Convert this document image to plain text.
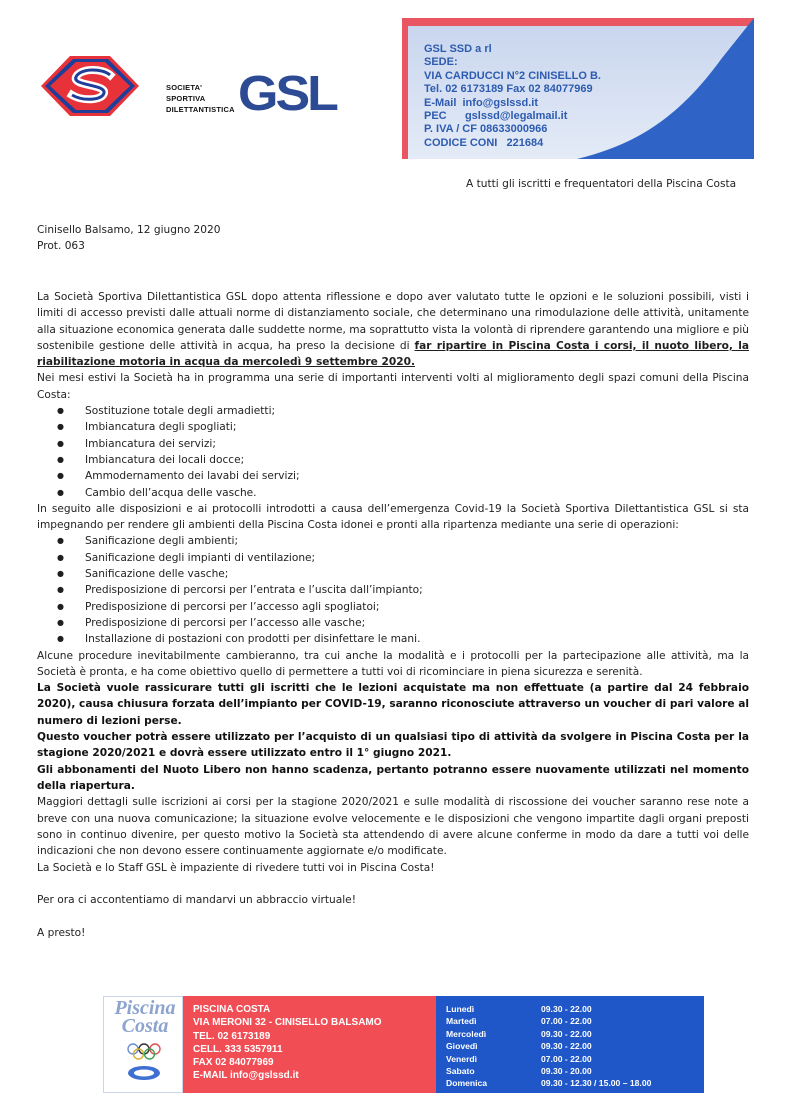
SOCIETA'
SPORTIVA
DILETTANTISTICA GSL
GSL SSD a rl
SEDE:
VIA CARDUCCI N°2 CINISELLO B.
Tel. 02 6173189 Fax 02 84077969
E-Mail  info@gslssd.it
PEC      gslssd@legalmail.it
P. IVA / CF 08633000966
CODICE CONI   221684
A tutti gli iscritti e frequentatori della Piscina Costa
Cinisello Balsamo, 12 giugno 2020
Prot. 063

La Società Sportiva Dilettantistica GSL dopo attenta riflessione e dopo aver valutato tutte le opzioni e le soluzioni possibili, visti i limiti di accesso previsti dalle attuali norme di distanziamento sociale, che determinano una rimodulazione delle attività, unitamente alla situazione economica generata dalle suddette norme, ma soprattutto vista la volontà di riprendere garantendo una migliore e più sostenibile gestione delle attività in acqua, ha preso la decisione di far ripartire in Piscina Costa i corsi, il nuoto libero, la riabilitazione motoria in acqua da mercoledì 9 settembre 2020.

Nei mesi estivi la Società ha in programma una serie di importanti interventi volti al miglioramento degli spazi comuni della Piscina Costa:

● Sostituzione totale degli armadietti;
● Imbiancatura degli spogliati;
● Imbiancatura dei servizi;
● Imbiancatura dei locali docce;
● Ammodernamento dei lavabi dei servizi;
● Cambio dell’acqua delle vasche.

In seguito alle disposizioni e ai protocolli introdotti a causa dell’emergenza Covid-19 la Società Sportiva Dilettantistica GSL si sta impegnando per rendere gli ambienti della Piscina Costa idonei e pronti alla ripartenza mediante una serie di operazioni:

● Sanificazione degli ambienti;
● Sanificazione degli impianti di ventilazione;
● Sanificazione delle vasche;
● Predisposizione di percorsi per l’entrata e l’uscita dall’impianto;
● Predisposizione di percorsi per l’accesso agli spogliatoi;
● Predisposizione di percorsi per l’accesso alle vasche;
● Installazione di postazioni con prodotti per disinfettare le mani.

Alcune procedure inevitabilmente cambieranno, tra cui anche la modalità e i protocolli per la partecipazione alle attività, ma la Società è pronta, e ha come obiettivo quello di permettere a tutti voi di ricominciare in piena sicurezza e serenità.

La Società vuole rassicurare tutti gli iscritti che le lezioni acquistate ma non effettuate (a partire dal 24 febbraio 2020), causa chiusura forzata dell’impianto per COVID-19, saranno riconosciute attraverso un voucher di pari valore al numero di lezioni perse.

Questo voucher potrà essere utilizzato per l’acquisto di un qualsiasi tipo di attività da svolgere in Piscina Costa per la stagione 2020/2021 e dovrà essere utilizzato entro il 1° giugno 2021.

Gli abbonamenti del Nuoto Libero non hanno scadenza, pertanto potranno essere nuovamente utilizzati nel momento della riapertura.

Maggiori dettagli sulle iscrizioni ai corsi per la stagione 2020/2021 e sulle modalità di riscossione dei voucher saranno rese note a breve con una nuova comunicazione; la situazione evolve velocemente e le disposizioni che vengono impartite dagli organi preposti sono in continuo divenire, per questo motivo la Società sta attendendo di avere alcune conferme in modo da dare a tutti voi delle indicazioni che non devono essere continuamente aggiornate e/o modificate.

La Società e lo Staff GSL è impaziente di rivedere tutti voi in Piscina Costa!
Per ora ci accontentiamo di mandarvi un abbraccio virtuale!
A presto!
Piscina Costa
PISCINA COSTA
VIA MERONI 32 - CINISELLO BALSAMO
TEL. 02 6173189
CELL. 333 5357911
FAX 02 84077969
E-MAIL info@gslssd.it
Lunedì	09.30 - 22.00
Martedì	07.00 - 22.00
Mercoledì	09.30 - 22.00
Giovedì	09.30 - 22.00
Venerdì	07.00 - 22.00
Sabato	09.30 - 20.00
Domenica	09.30 - 12.30 / 15.00 – 18.00
